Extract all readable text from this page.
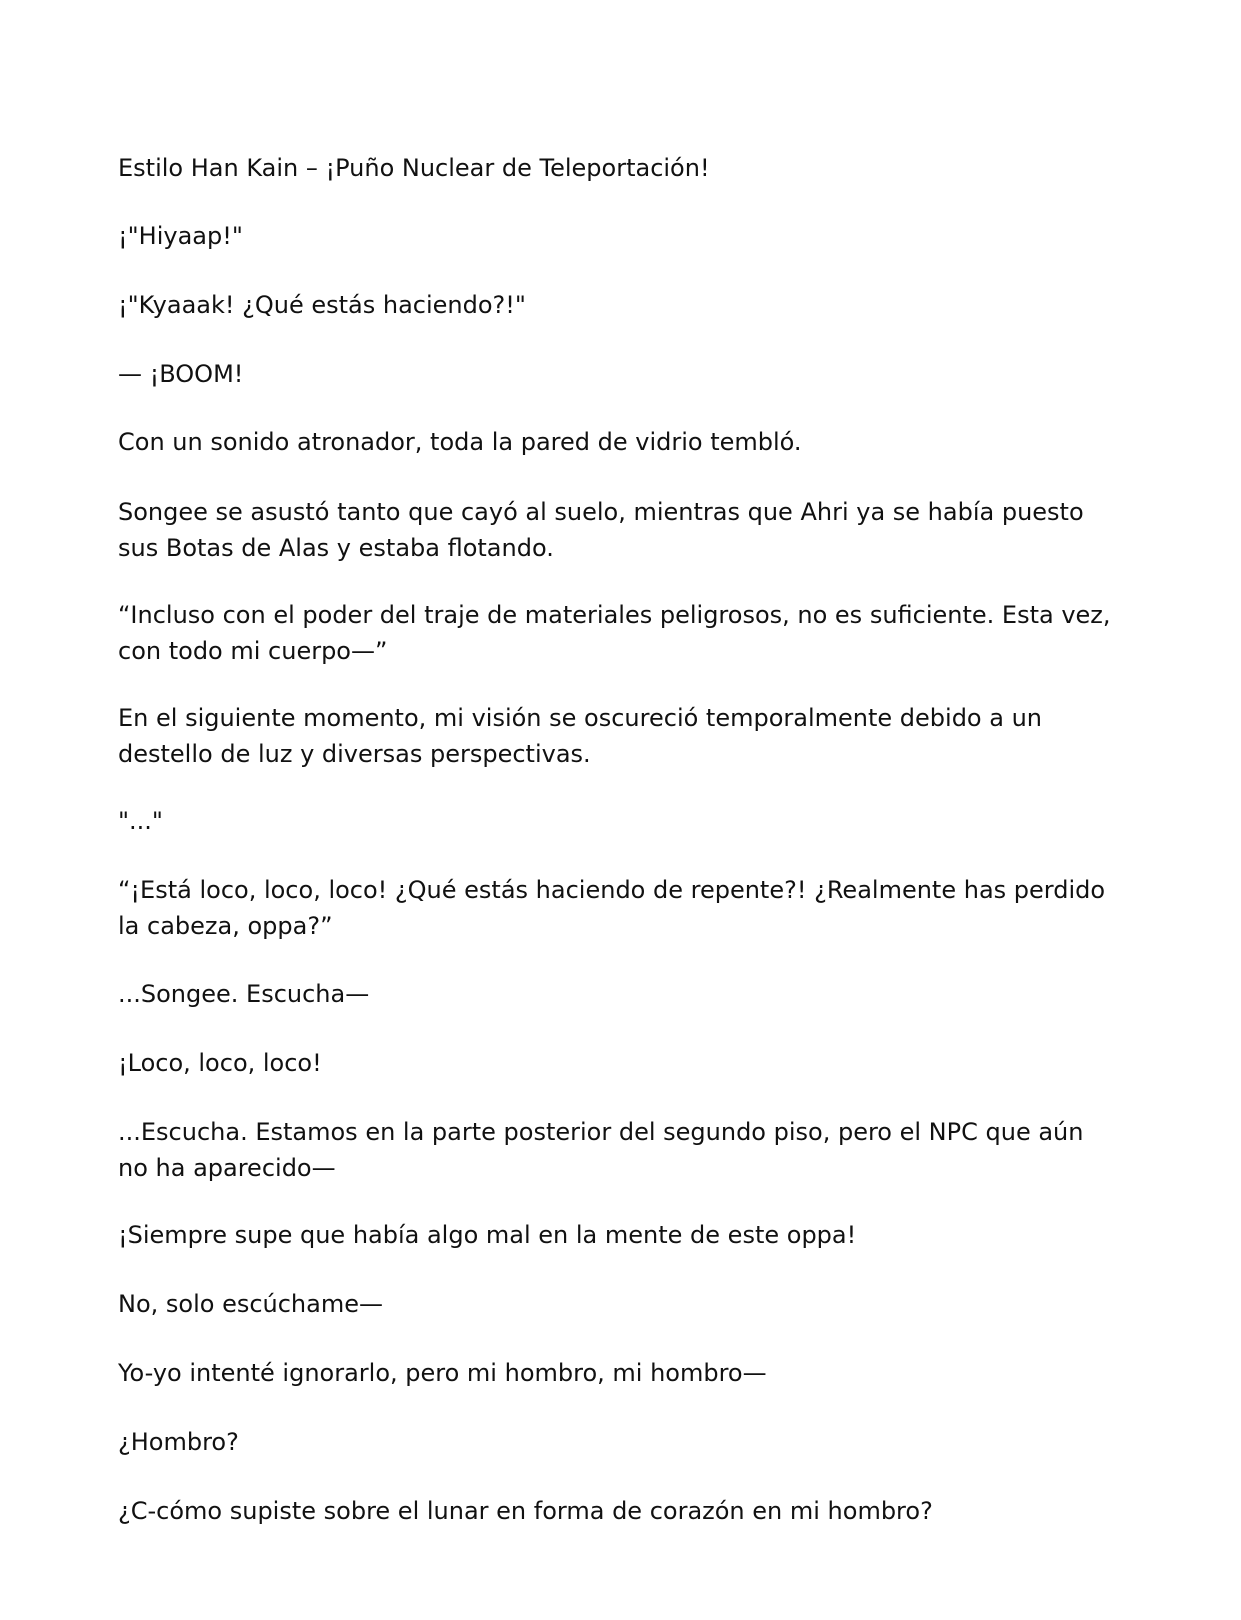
Estilo Han Kain – ¡Puño Nuclear de Teleportación!

¡"Hiyaap!"

¡"Kyaaak! ¿Qué estás haciendo?!"

— ¡BOOM!

Con un sonido atronador, toda la pared de vidrio tembló.

Songee se asustó tanto que cayó al suelo, mientras que Ahri ya se había puesto sus Botas de Alas y estaba flotando.

“Incluso con el poder del traje de materiales peligrosos, no es suficiente. Esta vez, con todo mi cuerpo—”

En el siguiente momento, mi visión se oscureció temporalmente debido a un destello de luz y diversas perspectivas.

"..."

“¡Está loco, loco, loco! ¿Qué estás haciendo de repente?! ¿Realmente has perdido la cabeza, oppa?”

...Songee. Escucha—

¡Loco, loco, loco!

...Escucha. Estamos en la parte posterior del segundo piso, pero el NPC que aún no ha aparecido—

¡Siempre supe que había algo mal en la mente de este oppa!

No, solo escúchame—

Yo-yo intenté ignorarlo, pero mi hombro, mi hombro—

¿Hombro?

¿C-cómo supiste sobre el lunar en forma de corazón en mi hombro?
